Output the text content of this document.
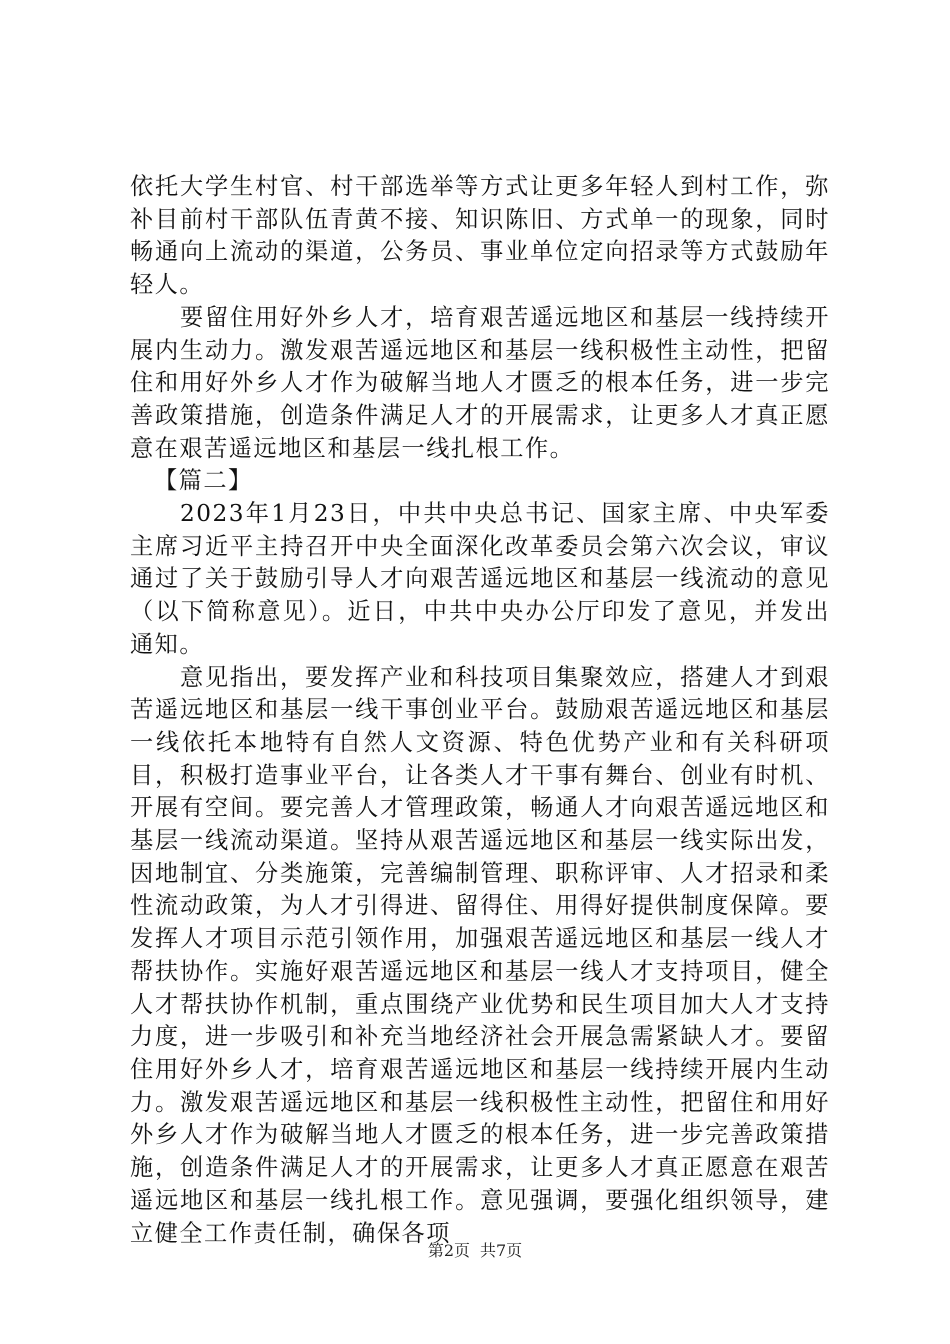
依托大学生村官、村干部选举等方式让更多年轻人到村工作，弥补目前村干部队伍青黄不接、知识陈旧、方式单一的现象，同时畅通向上流动的渠道，公务员、事业单位定向招录等方式鼓励年轻人。

要留住用好外乡人才，培育艰苦遥远地区和基层一线持续开展内生动力。激发艰苦遥远地区和基层一线积极性主动性，把留住和用好外乡人才作为破解当地人才匮乏的根本任务，进一步完善政策措施，创造条件满足人才的开展需求，让更多人才真正愿意在艰苦遥远地区和基层一线扎根工作。

【篇二】

2023年1月23日，中共中央总书记、国家主席、中央军委主席习近平主持召开中央全面深化改革委员会第六次会议，审议通过了关于鼓励引导人才向艰苦遥远地区和基层一线流动的意见（以下简称意见）。近日，中共中央办公厅印发了意见，并发出通知。

意见指出，要发挥产业和科技项目集聚效应，搭建人才到艰苦遥远地区和基层一线干事创业平台。鼓励艰苦遥远地区和基层一线依托本地特有自然人文资源、特色优势产业和有关科研项目，积极打造事业平台，让各类人才干事有舞台、创业有时机、开展有空间。要完善人才管理政策，畅通人才向艰苦遥远地区和基层一线流动渠道。坚持从艰苦遥远地区和基层一线实际出发，因地制宜、分类施策，完善编制管理、职称评审、人才招录和柔性流动政策，为人才引得进、留得住、用得好提供制度保障。要发挥人才项目示范引领作用，加强艰苦遥远地区和基层一线人才帮扶协作。实施好艰苦遥远地区和基层一线人才支持项目，健全人才帮扶协作机制，重点围绕产业优势和民生项目加大人才支持力度，进一步吸引和补充当地经济社会开展急需紧缺人才。要留住用好外乡人才，培育艰苦遥远地区和基层一线持续开展内生动力。激发艰苦遥远地区和基层一线积极性主动性，把留住和用好外乡人才作为破解当地人才匮乏的根本任务，进一步完善政策措施，创造条件满足人才的开展需求，让更多人才真正愿意在艰苦遥远地区和基层一线扎根工作。意见强调，要强化组织领导，建立健全工作责任制，确保各项

第2页 共7页
